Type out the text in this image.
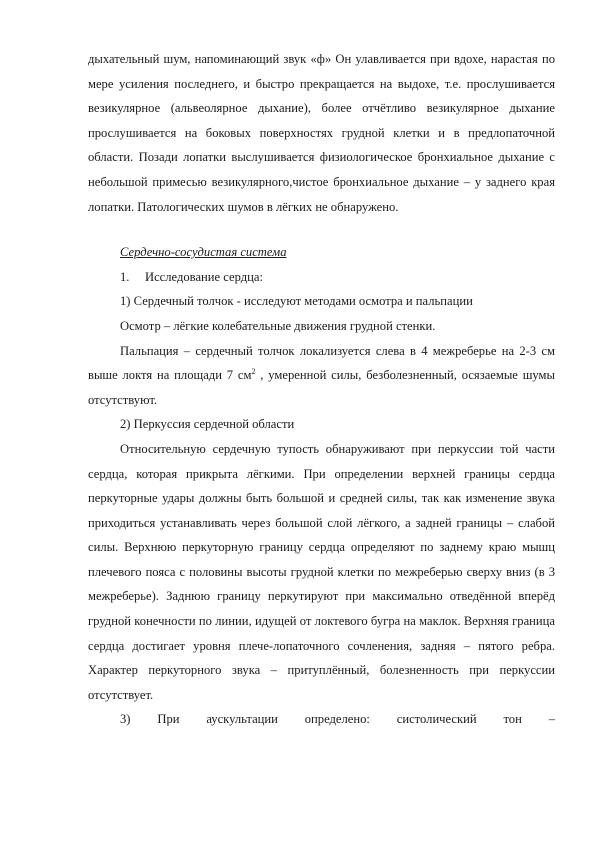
дыхательный шум, напоминающий звук «ф» Он улавливается при вдохе, нарастая по мере усиления последнего, и быстро прекращается на выдохе, т.е. прослушивается везикулярное (альвеолярное дыхание), более отчётливо везикулярное дыхание прослушивается на боковых поверхностях грудной клетки и в предлопаточной области. Позади лопатки выслушивается физиологическое бронхиальное дыхание с небольшой примесью везикулярного,чистое бронхиальное дыхание – у заднего края лопатки. Патологических шумов в лёгких не обнаружено.

Сердечно-сосудистая система

1. Исследование сердца:

1) Сердечный толчок - исследуют методами осмотра и пальпации

Осмотр – лёгкие колебательные движения грудной стенки.

Пальпация – сердечный толчок локализуется слева в 4 межреберье на 2-3 см выше локтя на площади 7 $см^2$ , умеренной силы, безболезненный, осязаемые шумы отсутствуют.

2) Перкуссия сердечной области

Относительную сердечную тупость обнаруживают при перкуссии той части сердца, которая прикрыта лёгкими. При определении верхней границы сердца перкуторные удары должны быть большой и средней силы, так как изменение звука приходиться устанавливать через большой слой лёгкого, а задней границы – слабой силы. Верхнюю перкуторную границу сердца определяют по заднему краю мышц плечевого пояса с половины высоты грудной клетки по межреберью сверху вниз (в 3 межреберье). Заднюю границу перкутируют при максимально отведённой вперёд грудной конечности по линии, идущей от локтевого бугра на маклок. Верхняя граница сердца достигает уровня плече-лопаточного сочленения, задняя – пятого ребра. Характер перкуторного звука – притуплённый, болезненность при перкуссии отсутствует.

3) При аускультации определено: систолический тон –
